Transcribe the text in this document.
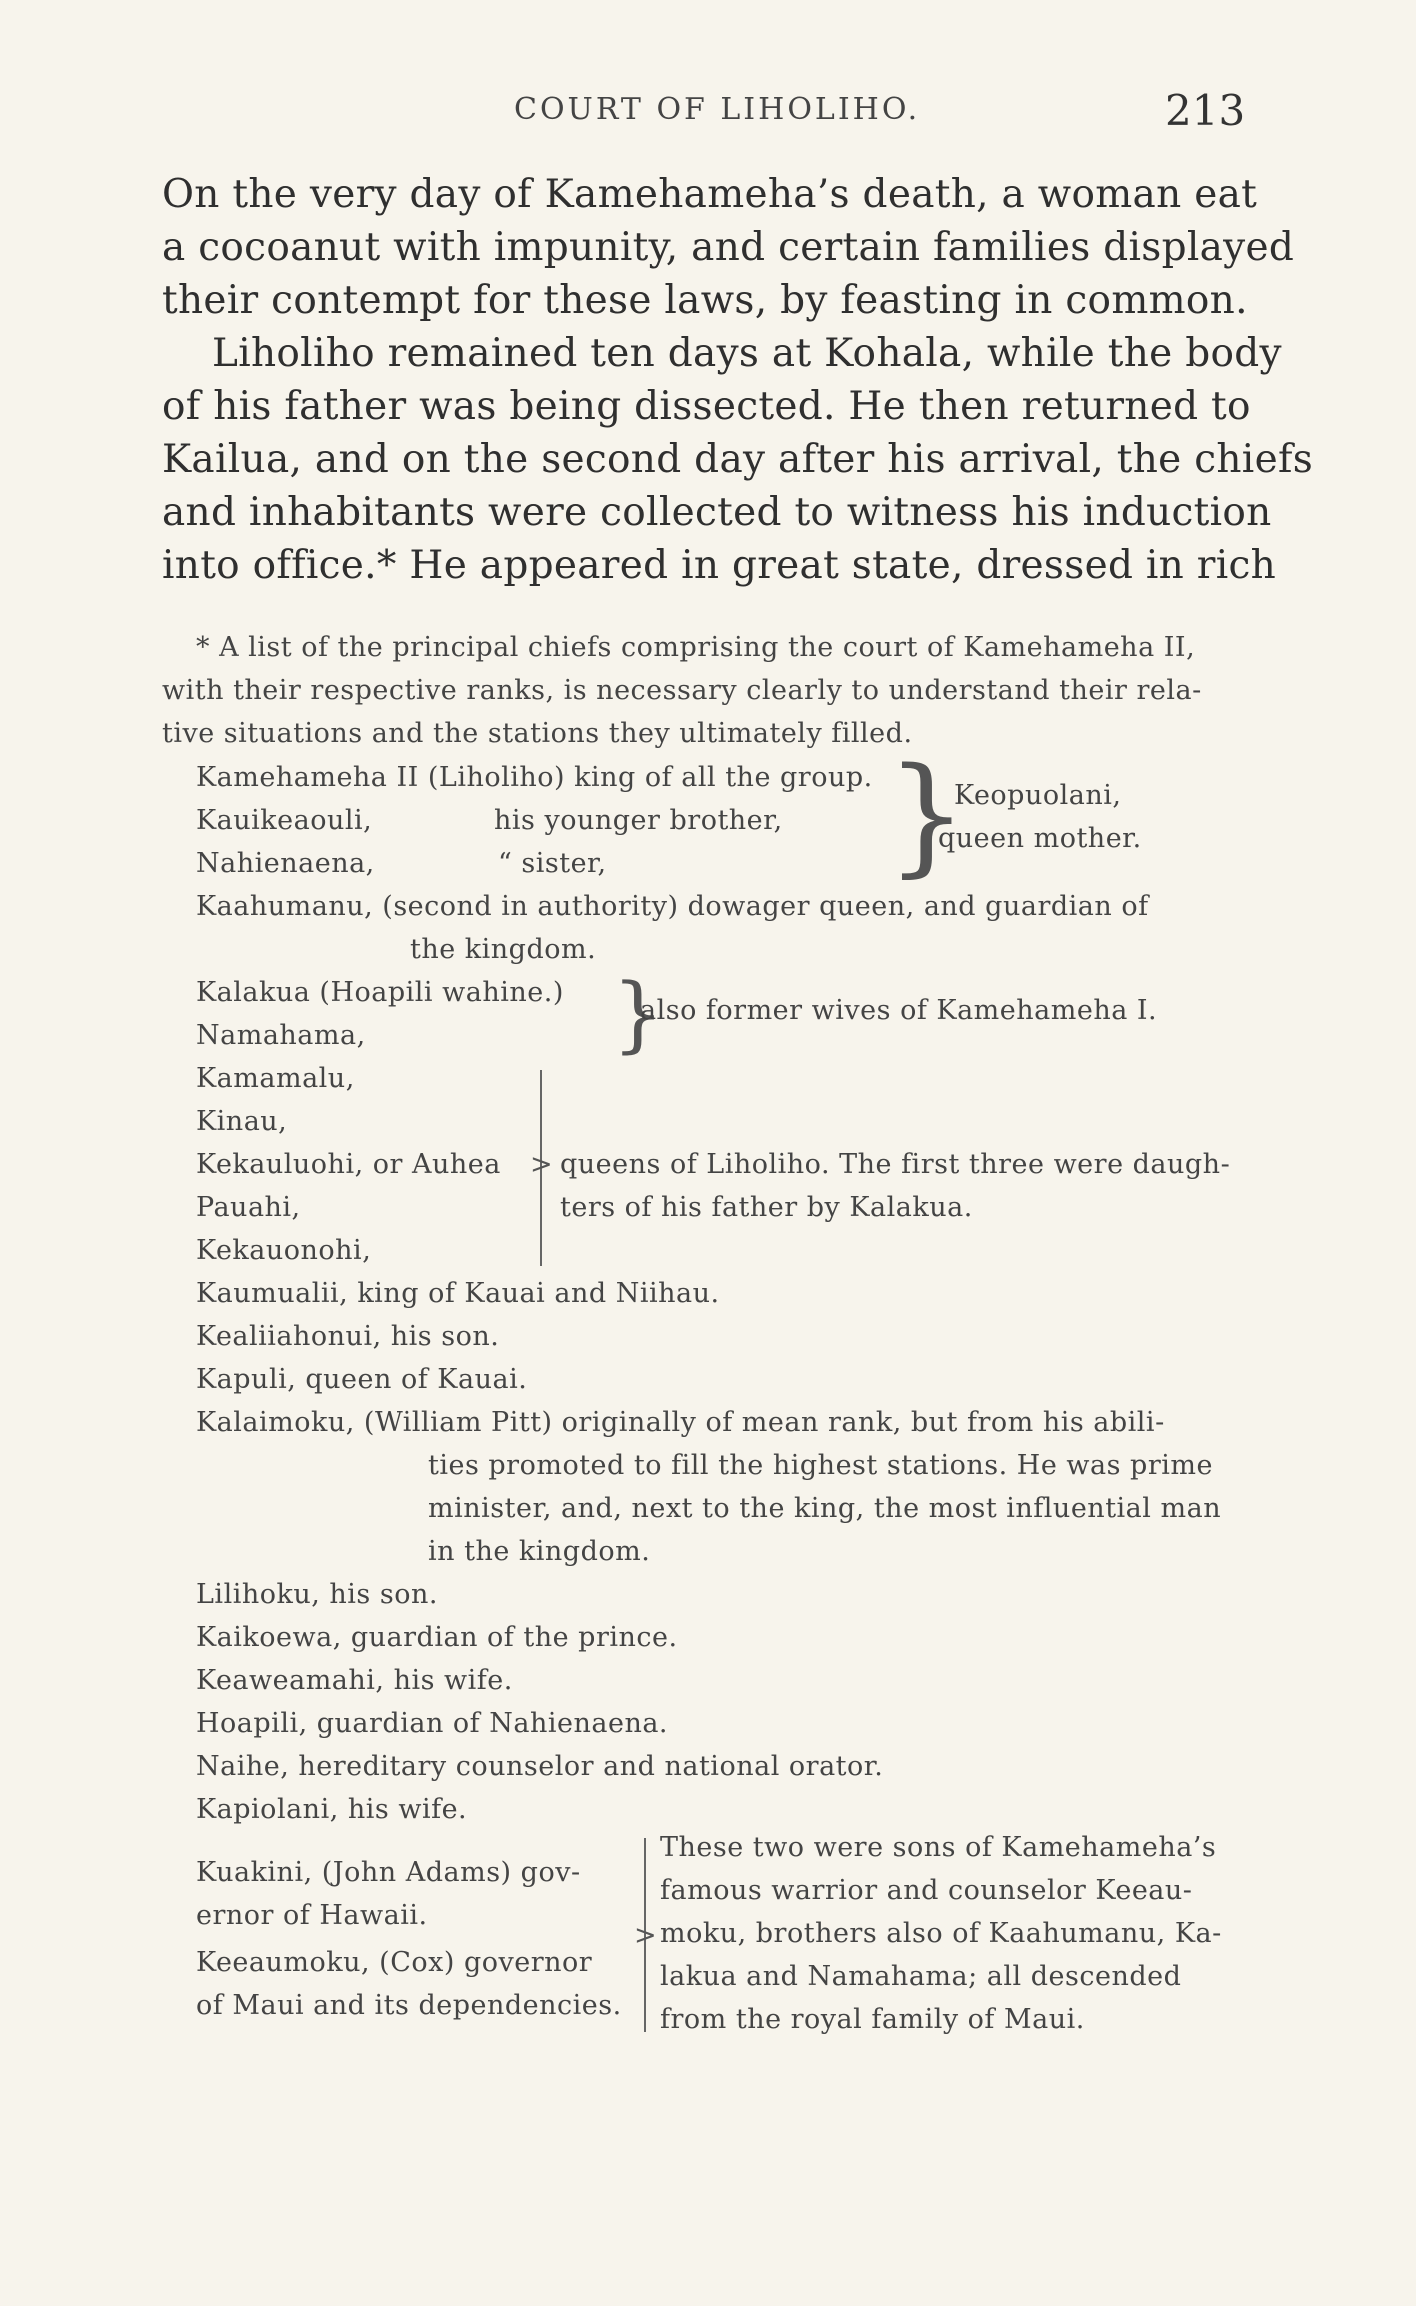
COURT OF LIHOLIHO.	213
On the very day of Kamehameha’s death, a woman eat
a cocoanut with impunity, and certain families displayed
their contempt for these laws, by feasting in common.
Liholiho remained ten days at Kohala, while the body
of his father was being dissected. He then returned to
Kailua, and on the second day after his arrival, the chiefs
and inhabitants were collected to witness his induction
into office.* He appeared in great state, dressed in rich
* A list of the principal chiefs comprising the court of Kamehameha II,
with their respective ranks, is necessary clearly to understand their rela-
tive situations and the stations they ultimately filled.
Kamehameha II (Liholiho) king of all the group.
Kauikeaouli,	his younger brother,
Nahienaena,	“ sister, }
Keopuolani,
queen mother.
Kaahumanu, (second in authority) dowager queen, and guardian of
the kingdom.
Kalakua (Hoapili wahine.)
Namahama,	}
also former wives of Kamehameha I.
Kamamalu,
Kinau,
Kekauluohi, or Auhea
Pauahi,
Kekauonohi,
> queens of Liholiho. The first three were daugh-
ters of his father by Kalakua.
Kaumualii, king of Kauai and Niihau.
Kealiiahonui, his son.
Kapuli, queen of Kauai.
Kalaimoku, (William Pitt) originally of mean rank, but from his abili-
ties promoted to fill the highest stations. He was prime
minister, and, next to the king, the most influential man
in the kingdom.
Lilihoku, his son.
Kaikoewa, guardian of the prince.
Keaweamahi, his wife.
Hoapili, guardian of Nahienaena.
Naihe, hereditary counselor and national orator.
Kapiolani, his wife.
Kuakini, (John Adams) gov-
ernor of Hawaii.
Keeaumoku, (Cox) governor
of Maui and its dependencies.
>
These two were sons of Kamehameha’s
famous warrior and counselor Keeau-
moku, brothers also of Kaahumanu, Ka-
lakua and Namahama; all descended
from the royal family of Maui.
